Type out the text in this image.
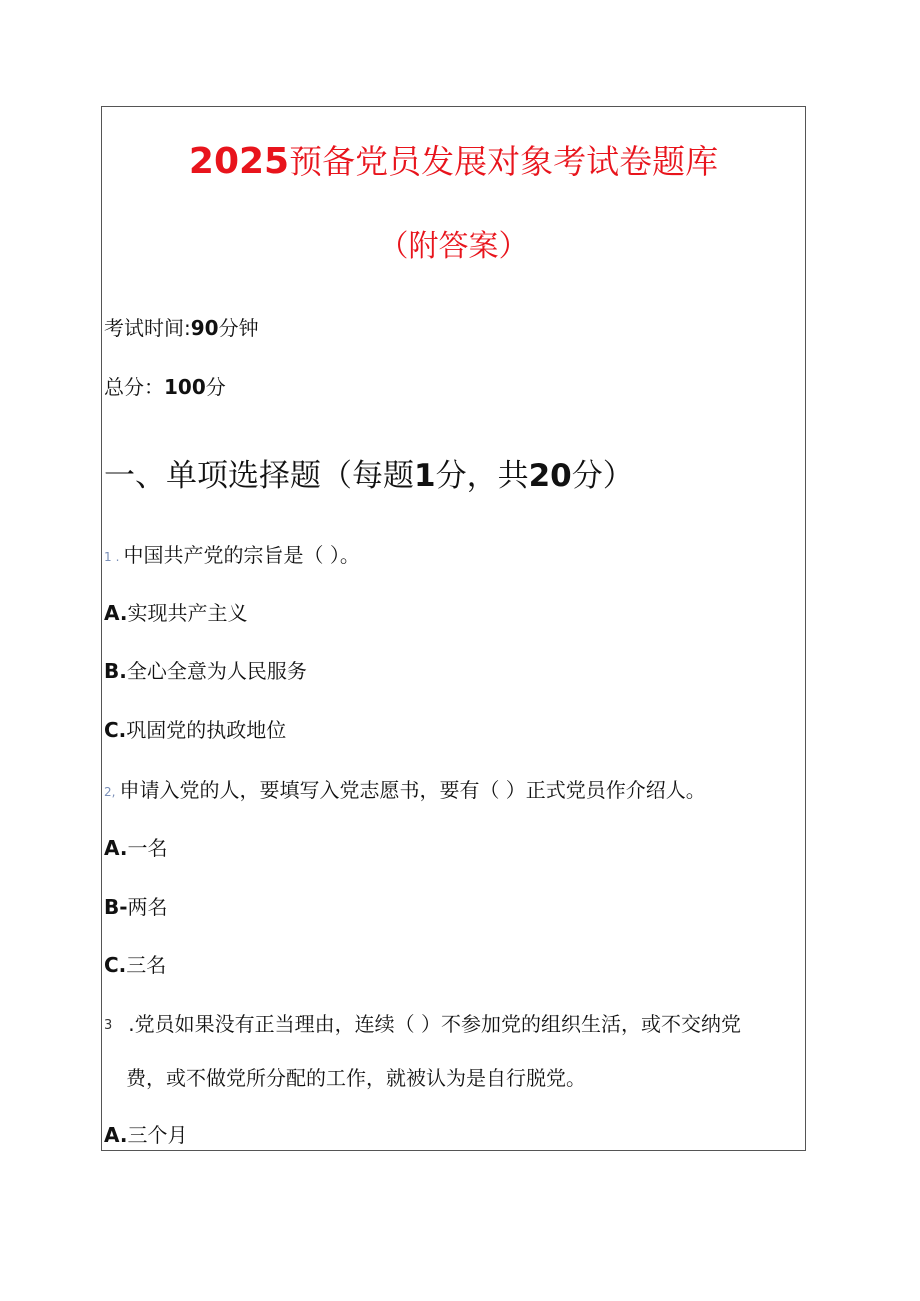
2025预备党员发展对象考试卷题库
（附答案）
考试时间:90分钟
总分：100分
一、单项选择题（每题1分，共20分）
1 . 中国共产党的宗旨是（ ）。
A.实现共产主义
B.全心全意为人民服务
C.巩固党的执政地位
2, 申请入党的人，要填写入党志愿书，要有（ ）正式党员作介绍人。
A.一名
B-两名
C.三名
3 .党员如果没有正当理由，连续（ ）不参加党的组织生活，或不交纳党
费，或不做党所分配的工作，就被认为是自行脱党。
A.三个月
